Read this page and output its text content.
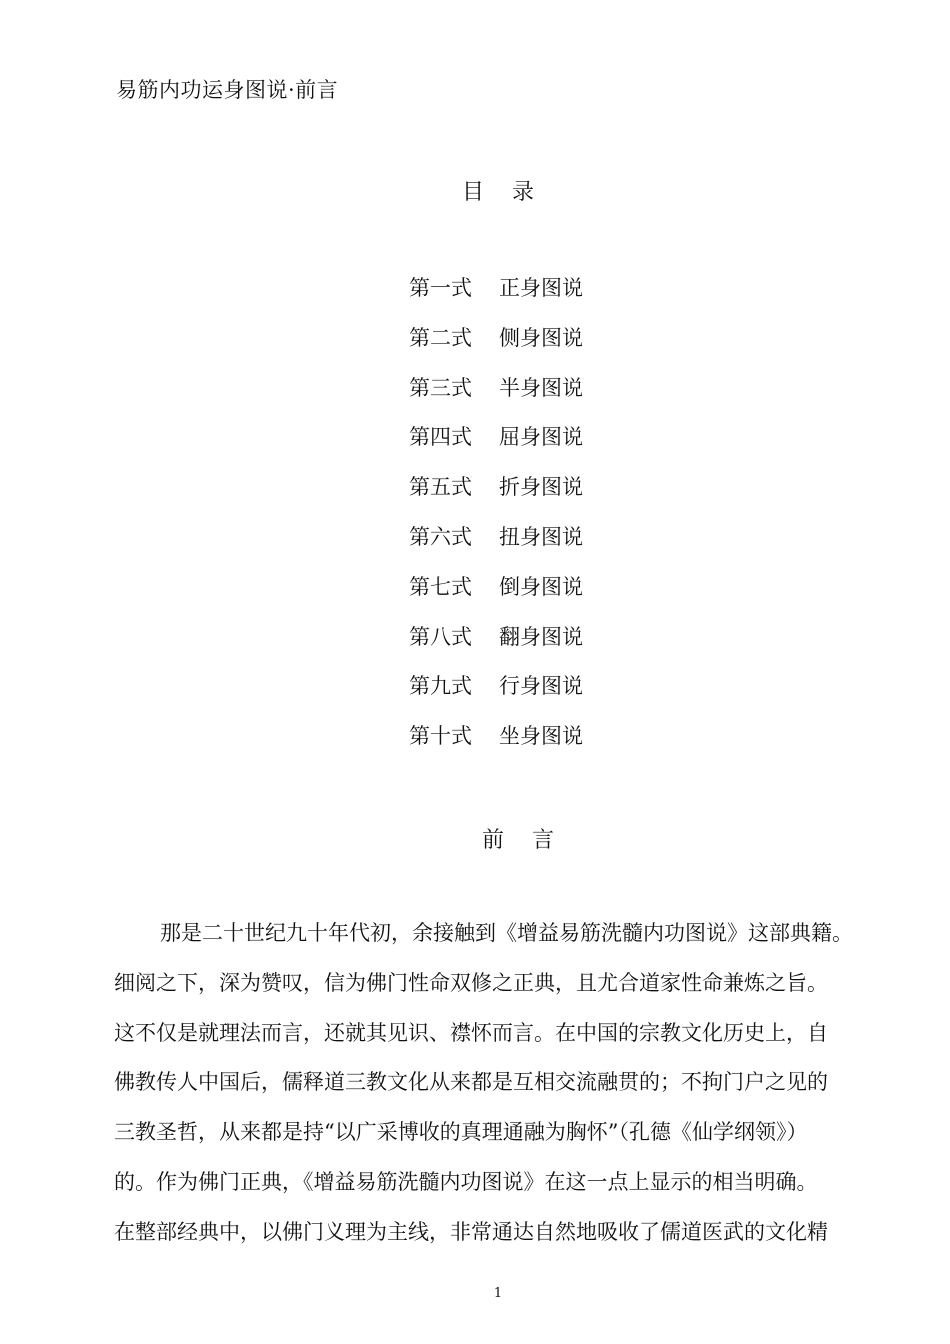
易筋内功运身图说·前言
目    录
第一式 正身图说
第二式 侧身图说
第三式 半身图说
第四式 屈身图说
第五式 折身图说
第六式 扭身图说
第七式 倒身图说
第八式 翻身图说
第九式 行身图说
第十式 坐身图说
前    言
那是二十世纪九十年代初，余接触到《增益易筋洗髓内功图说》这部典籍。
细阅之下，深为赞叹，信为佛门性命双修之正典，且尤合道家性命兼炼之旨。
这不仅是就理法而言，还就其见识、襟怀而言。在中国的宗教文化历史上，自
佛教传人中国后，儒释道三教文化从来都是互相交流融贯的；不拘门户之见的
三教圣哲，从来都是持“以广采博收的真理通融为胸怀”（孔德《仙学纲领》）
的。作为佛门正典，《增益易筋洗髓内功图说》在这一点上显示的相当明确。
在整部经典中，以佛门义理为主线，非常通达自然地吸收了儒道医武的文化精
1
